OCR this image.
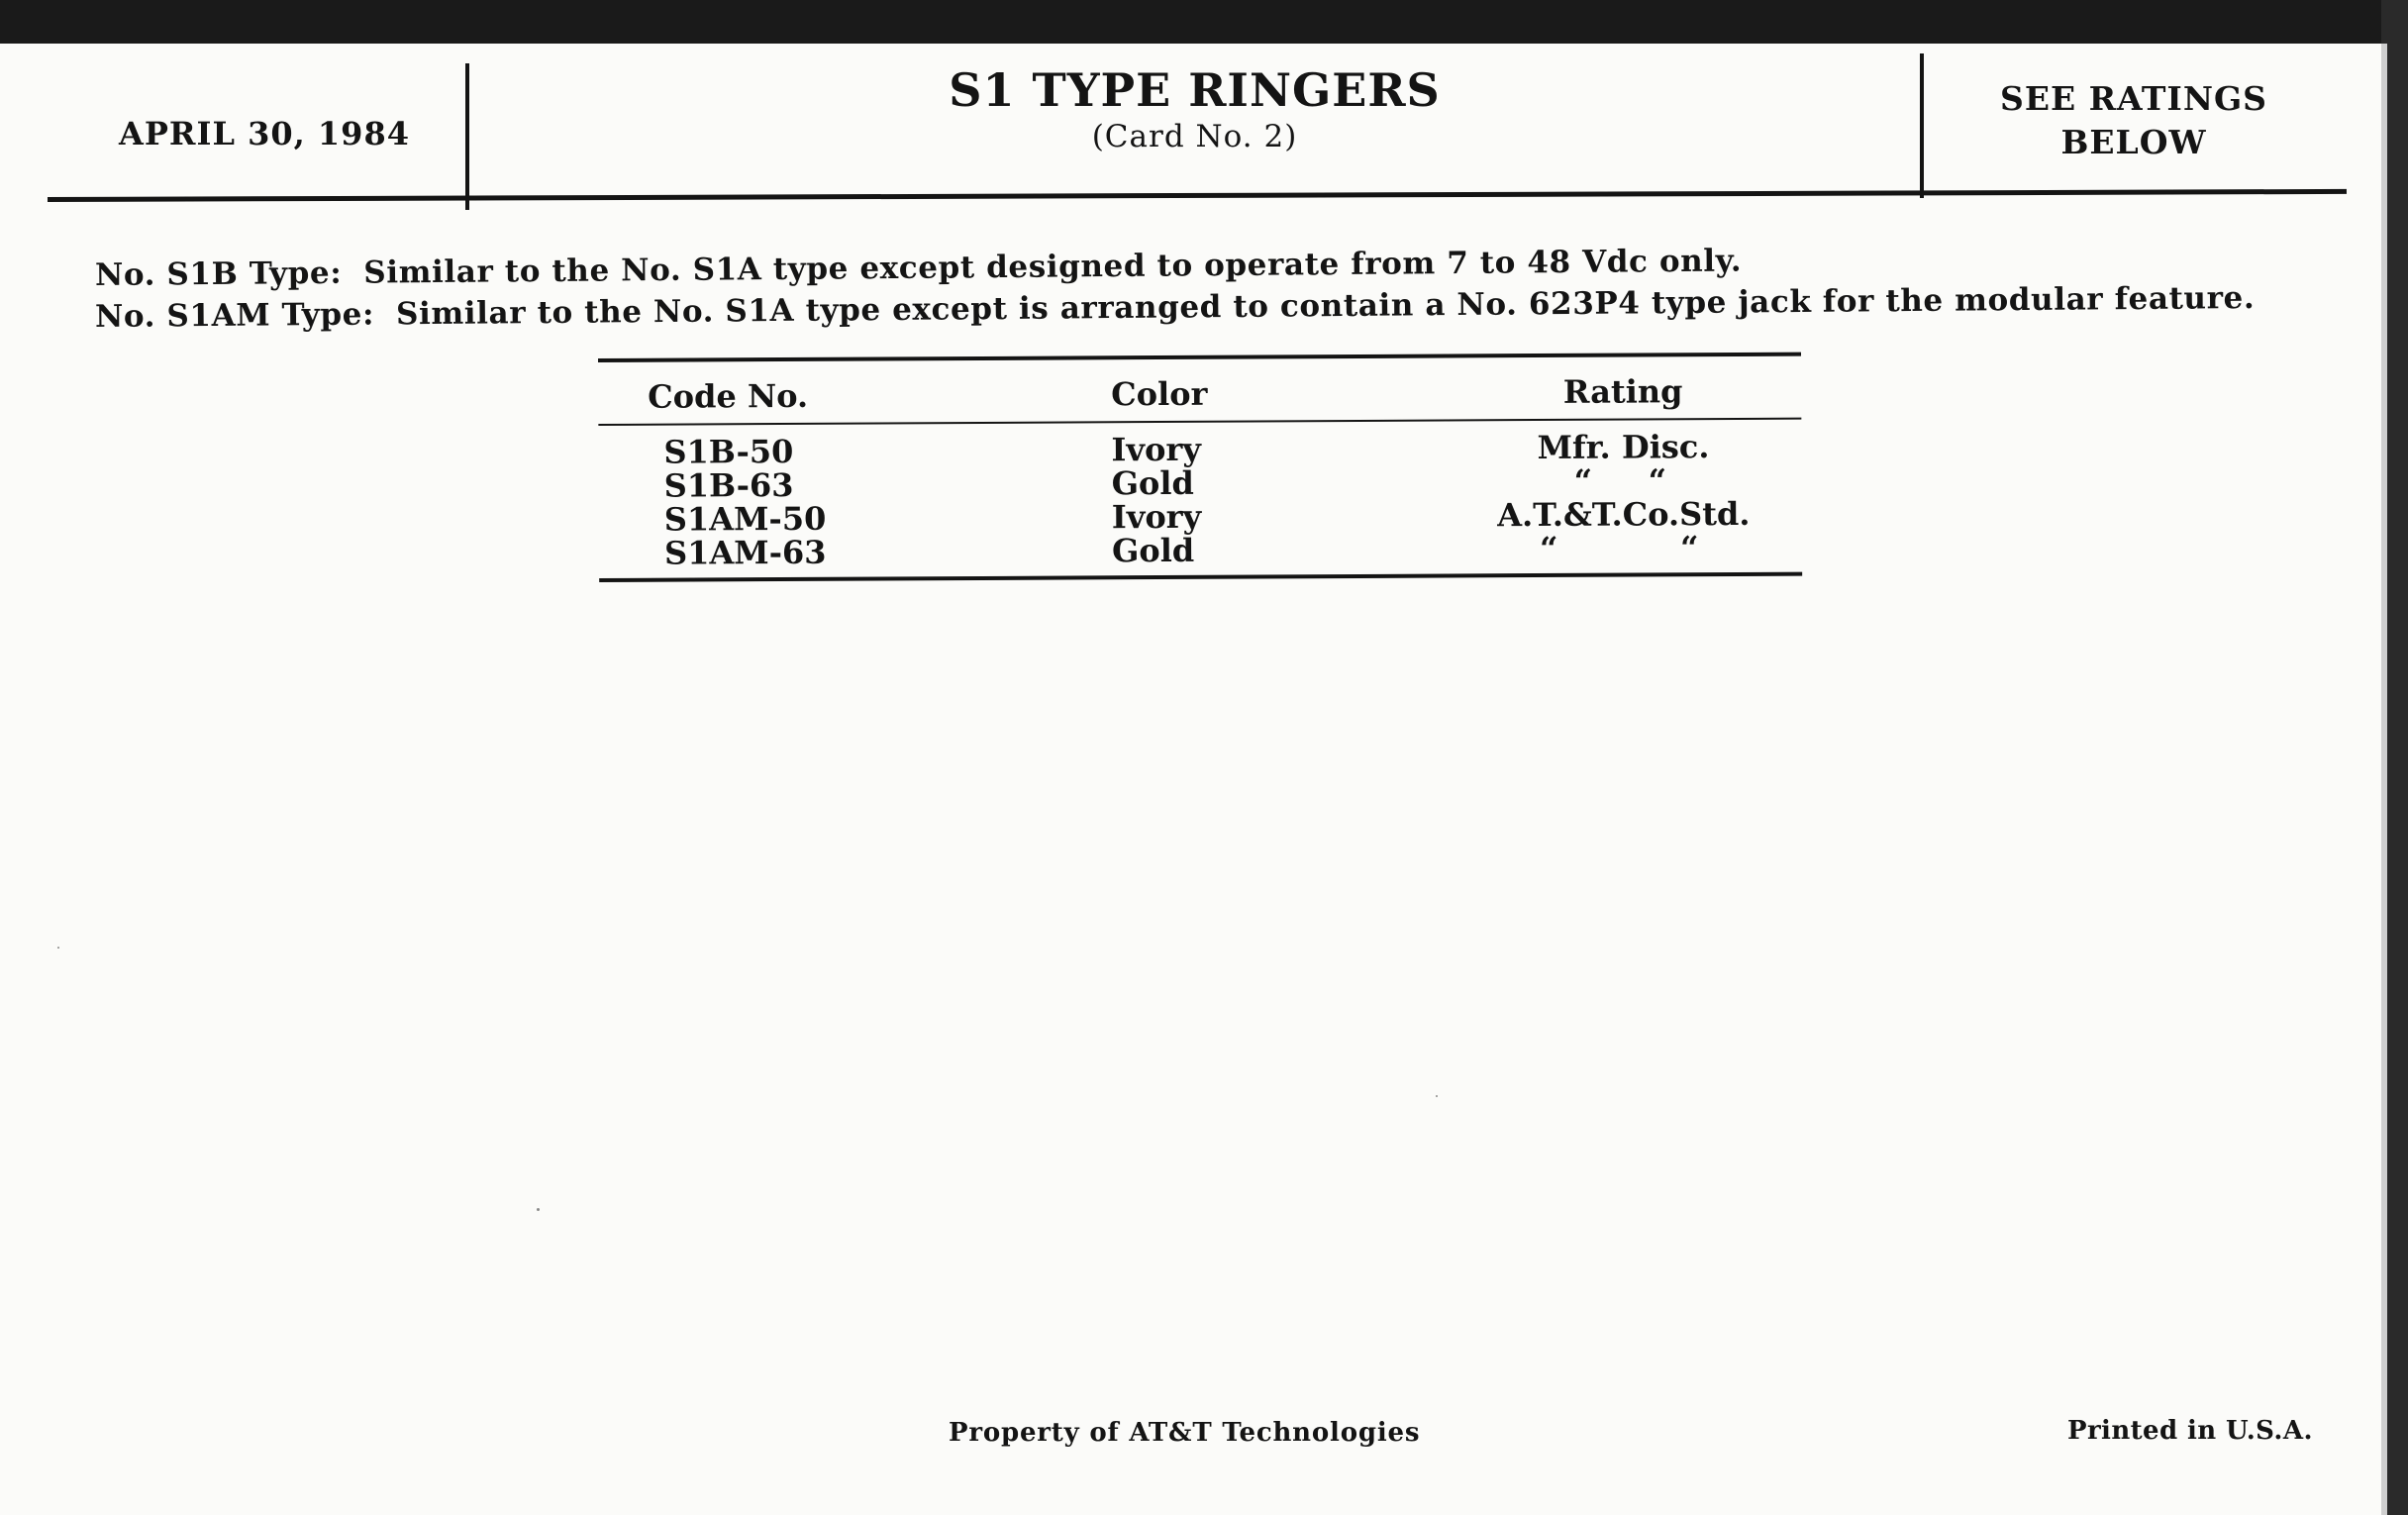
APRIL 30, 1984
S1 TYPE RINGERS
(Card No. 2)
SEE RATINGS
BELOW
No. S1B Type: Similar to the No. S1A type except designed to operate from 7 to 48 Vdc only.
No. S1AM Type: Similar to the No. S1A type except is arranged to contain a No. 623P4 type jack for the modular feature.
Code No.	Color	Rating
S1B-50	Ivory	Mfr. Disc.
S1B-63	Gold	“ “
S1AM-50	Ivory	A.T.&T.Co.Std.
S1AM-63	Gold	“	“
Property of AT&T Technologies	Printed in U.S.A.
